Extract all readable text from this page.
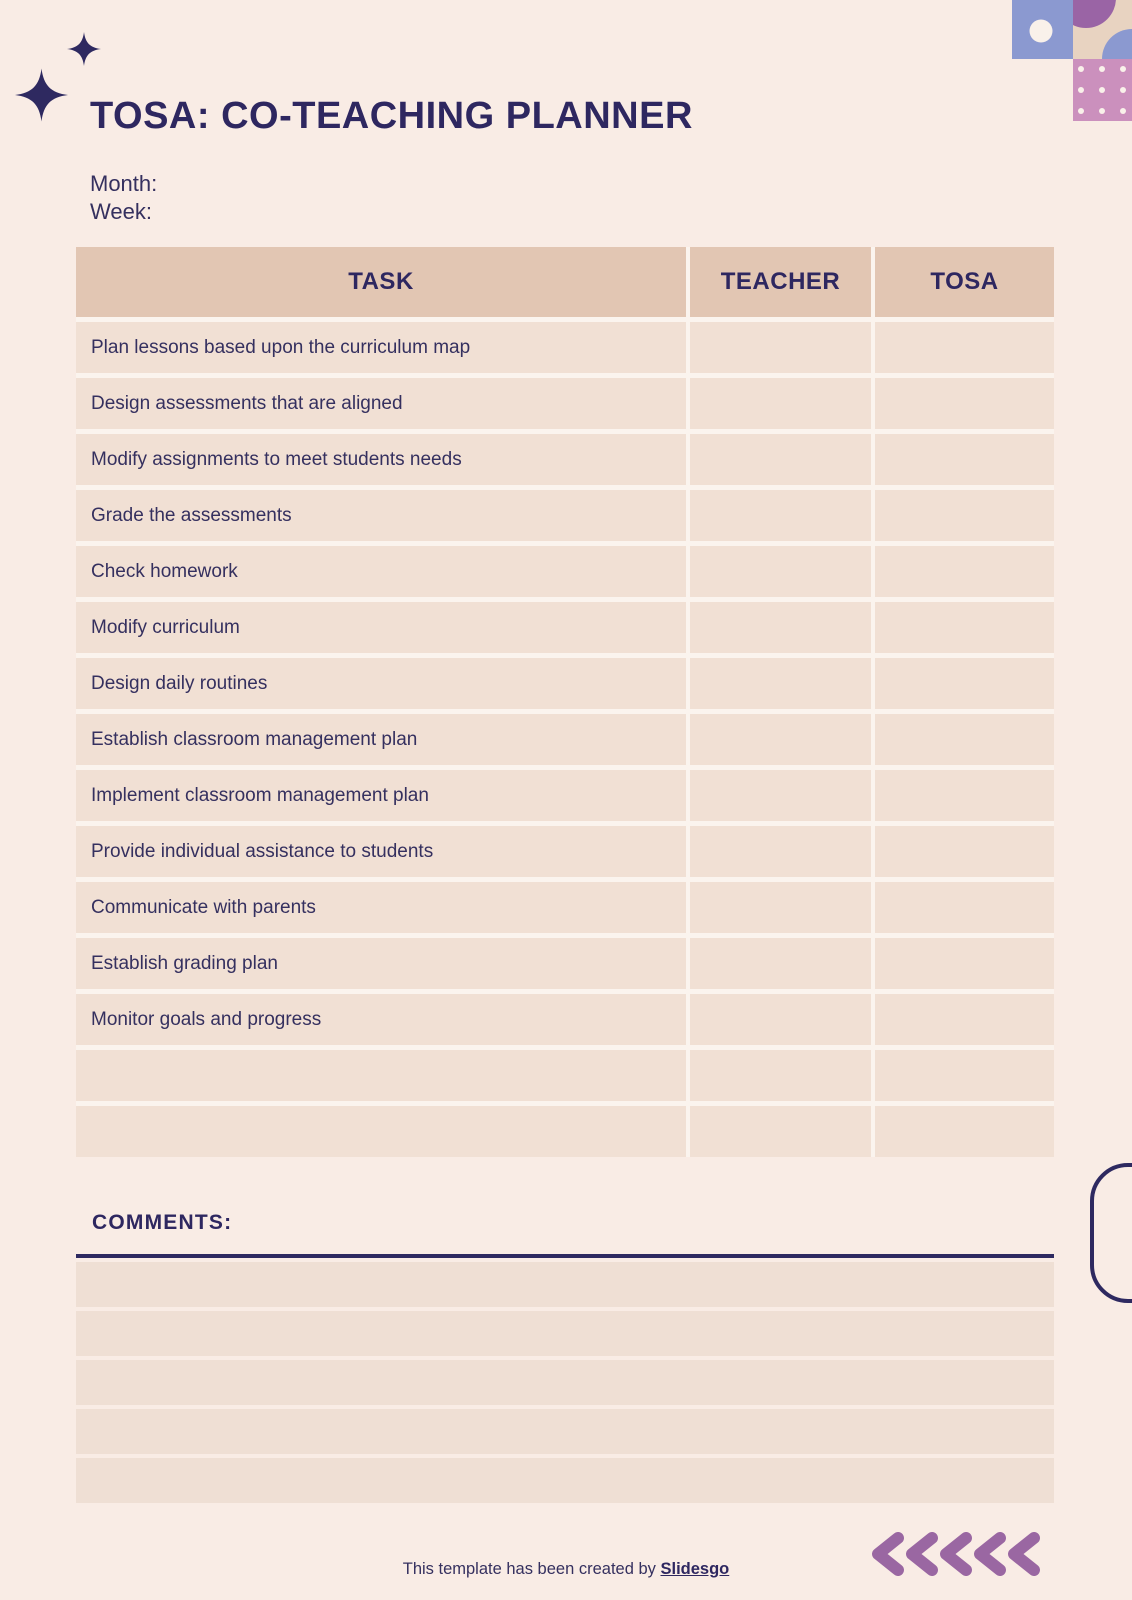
TOSA: CO-TEACHING PLANNER
Month:
Week:
TASK	TEACHER	TOSA
Plan lessons based upon the curriculum map
Design assessments that are aligned
Modify assignments to meet students needs
Grade the assessments
Check homework
Modify curriculum
Design daily routines
Establish classroom management plan
Implement classroom management plan
Provide individual assistance to students
Communicate with parents
Establish grading plan
Monitor goals and progress
COMMENTS:
This template has been created by Slidesgo
